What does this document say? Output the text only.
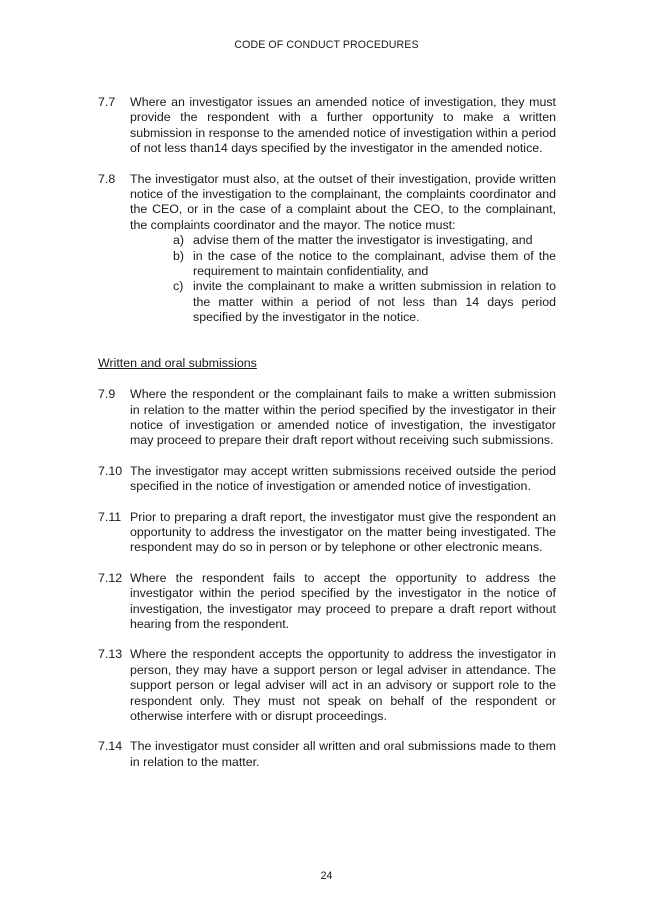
CODE OF CONDUCT PROCEDURES
7.7 Where an investigator issues an amended notice of investigation, they must provide the respondent with a further opportunity to make a written submission in response to the amended notice of investigation within a period of not less than14 days specified by the investigator in the amended notice.
7.8 The investigator must also, at the outset of their investigation, provide written notice of the investigation to the complainant, the complaints coordinator and the CEO, or in the case of a complaint about the CEO, to the complainant, the complaints coordinator and the mayor. The notice must:
a) advise them of the matter the investigator is investigating, and
b) in the case of the notice to the complainant, advise them of the requirement to maintain confidentiality, and
c) invite the complainant to make a written submission in relation to the matter within a period of not less than 14 days period specified by the investigator in the notice.
Written and oral submissions
7.9 Where the respondent or the complainant fails to make a written submission in relation to the matter within the period specified by the investigator in their notice of investigation or amended notice of investigation, the investigator may proceed to prepare their draft report without receiving such submissions.
7.10 The investigator may accept written submissions received outside the period specified in the notice of investigation or amended notice of investigation.
7.11 Prior to preparing a draft report, the investigator must give the respondent an opportunity to address the investigator on the matter being investigated. The respondent may do so in person or by telephone or other electronic means.
7.12 Where the respondent fails to accept the opportunity to address the investigator within the period specified by the investigator in the notice of investigation, the investigator may proceed to prepare a draft report without hearing from the respondent.
7.13 Where the respondent accepts the opportunity to address the investigator in person, they may have a support person or legal adviser in attendance. The support person or legal adviser will act in an advisory or support role to the respondent only. They must not speak on behalf of the respondent or otherwise interfere with or disrupt proceedings.
7.14 The investigator must consider all written and oral submissions made to them in relation to the matter.
24
